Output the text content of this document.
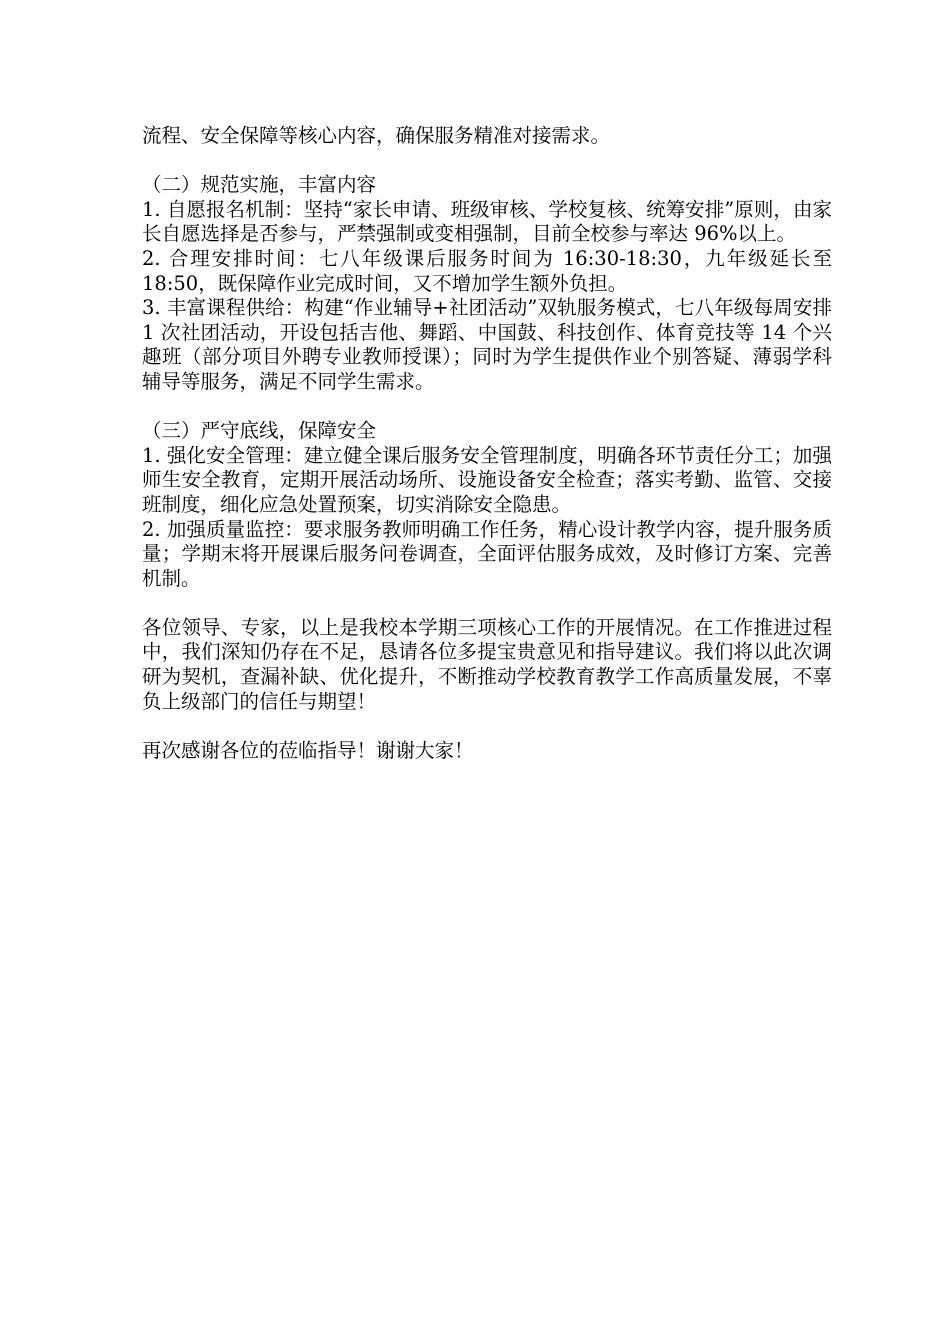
流程、安全保障等核心内容，确保服务精准对接需求。

（二）规范实施，丰富内容

1. 自愿报名机制：坚持“家长申请、班级审核、学校复核、统筹安排”原则，由家长自愿选择是否参与，严禁强制或变相强制，目前全校参与率达 96%以上。

2. 合理安排时间：七八年级课后服务时间为 16:30-18:30，九年级延长至 18:50，既保障作业完成时间，又不增加学生额外负担。

3. 丰富课程供给：构建“作业辅导+社团活动”双轨服务模式，七八年级每周安排 1 次社团活动，开设包括吉他、舞蹈、中国鼓、科技创作、体育竞技等 14 个兴趣班（部分项目外聘专业教师授课）；同时为学生提供作业个别答疑、薄弱学科辅导等服务，满足不同学生需求。

（三）严守底线，保障安全

1. 强化安全管理：建立健全课后服务安全管理制度，明确各环节责任分工；加强师生安全教育，定期开展活动场所、设施设备安全检查；落实考勤、监管、交接班制度，细化应急处置预案，切实消除安全隐患。

2. 加强质量监控：要求服务教师明确工作任务，精心设计教学内容，提升服务质量；学期末将开展课后服务问卷调查，全面评估服务成效，及时修订方案、完善机制。

各位领导、专家，以上是我校本学期三项核心工作的开展情况。在工作推进过程中，我们深知仍存在不足，恳请各位多提宝贵意见和指导建议。我们将以此次调研为契机，查漏补缺、优化提升，不断推动学校教育教学工作高质量发展，不辜负上级部门的信任与期望！

再次感谢各位的莅临指导！谢谢大家！
